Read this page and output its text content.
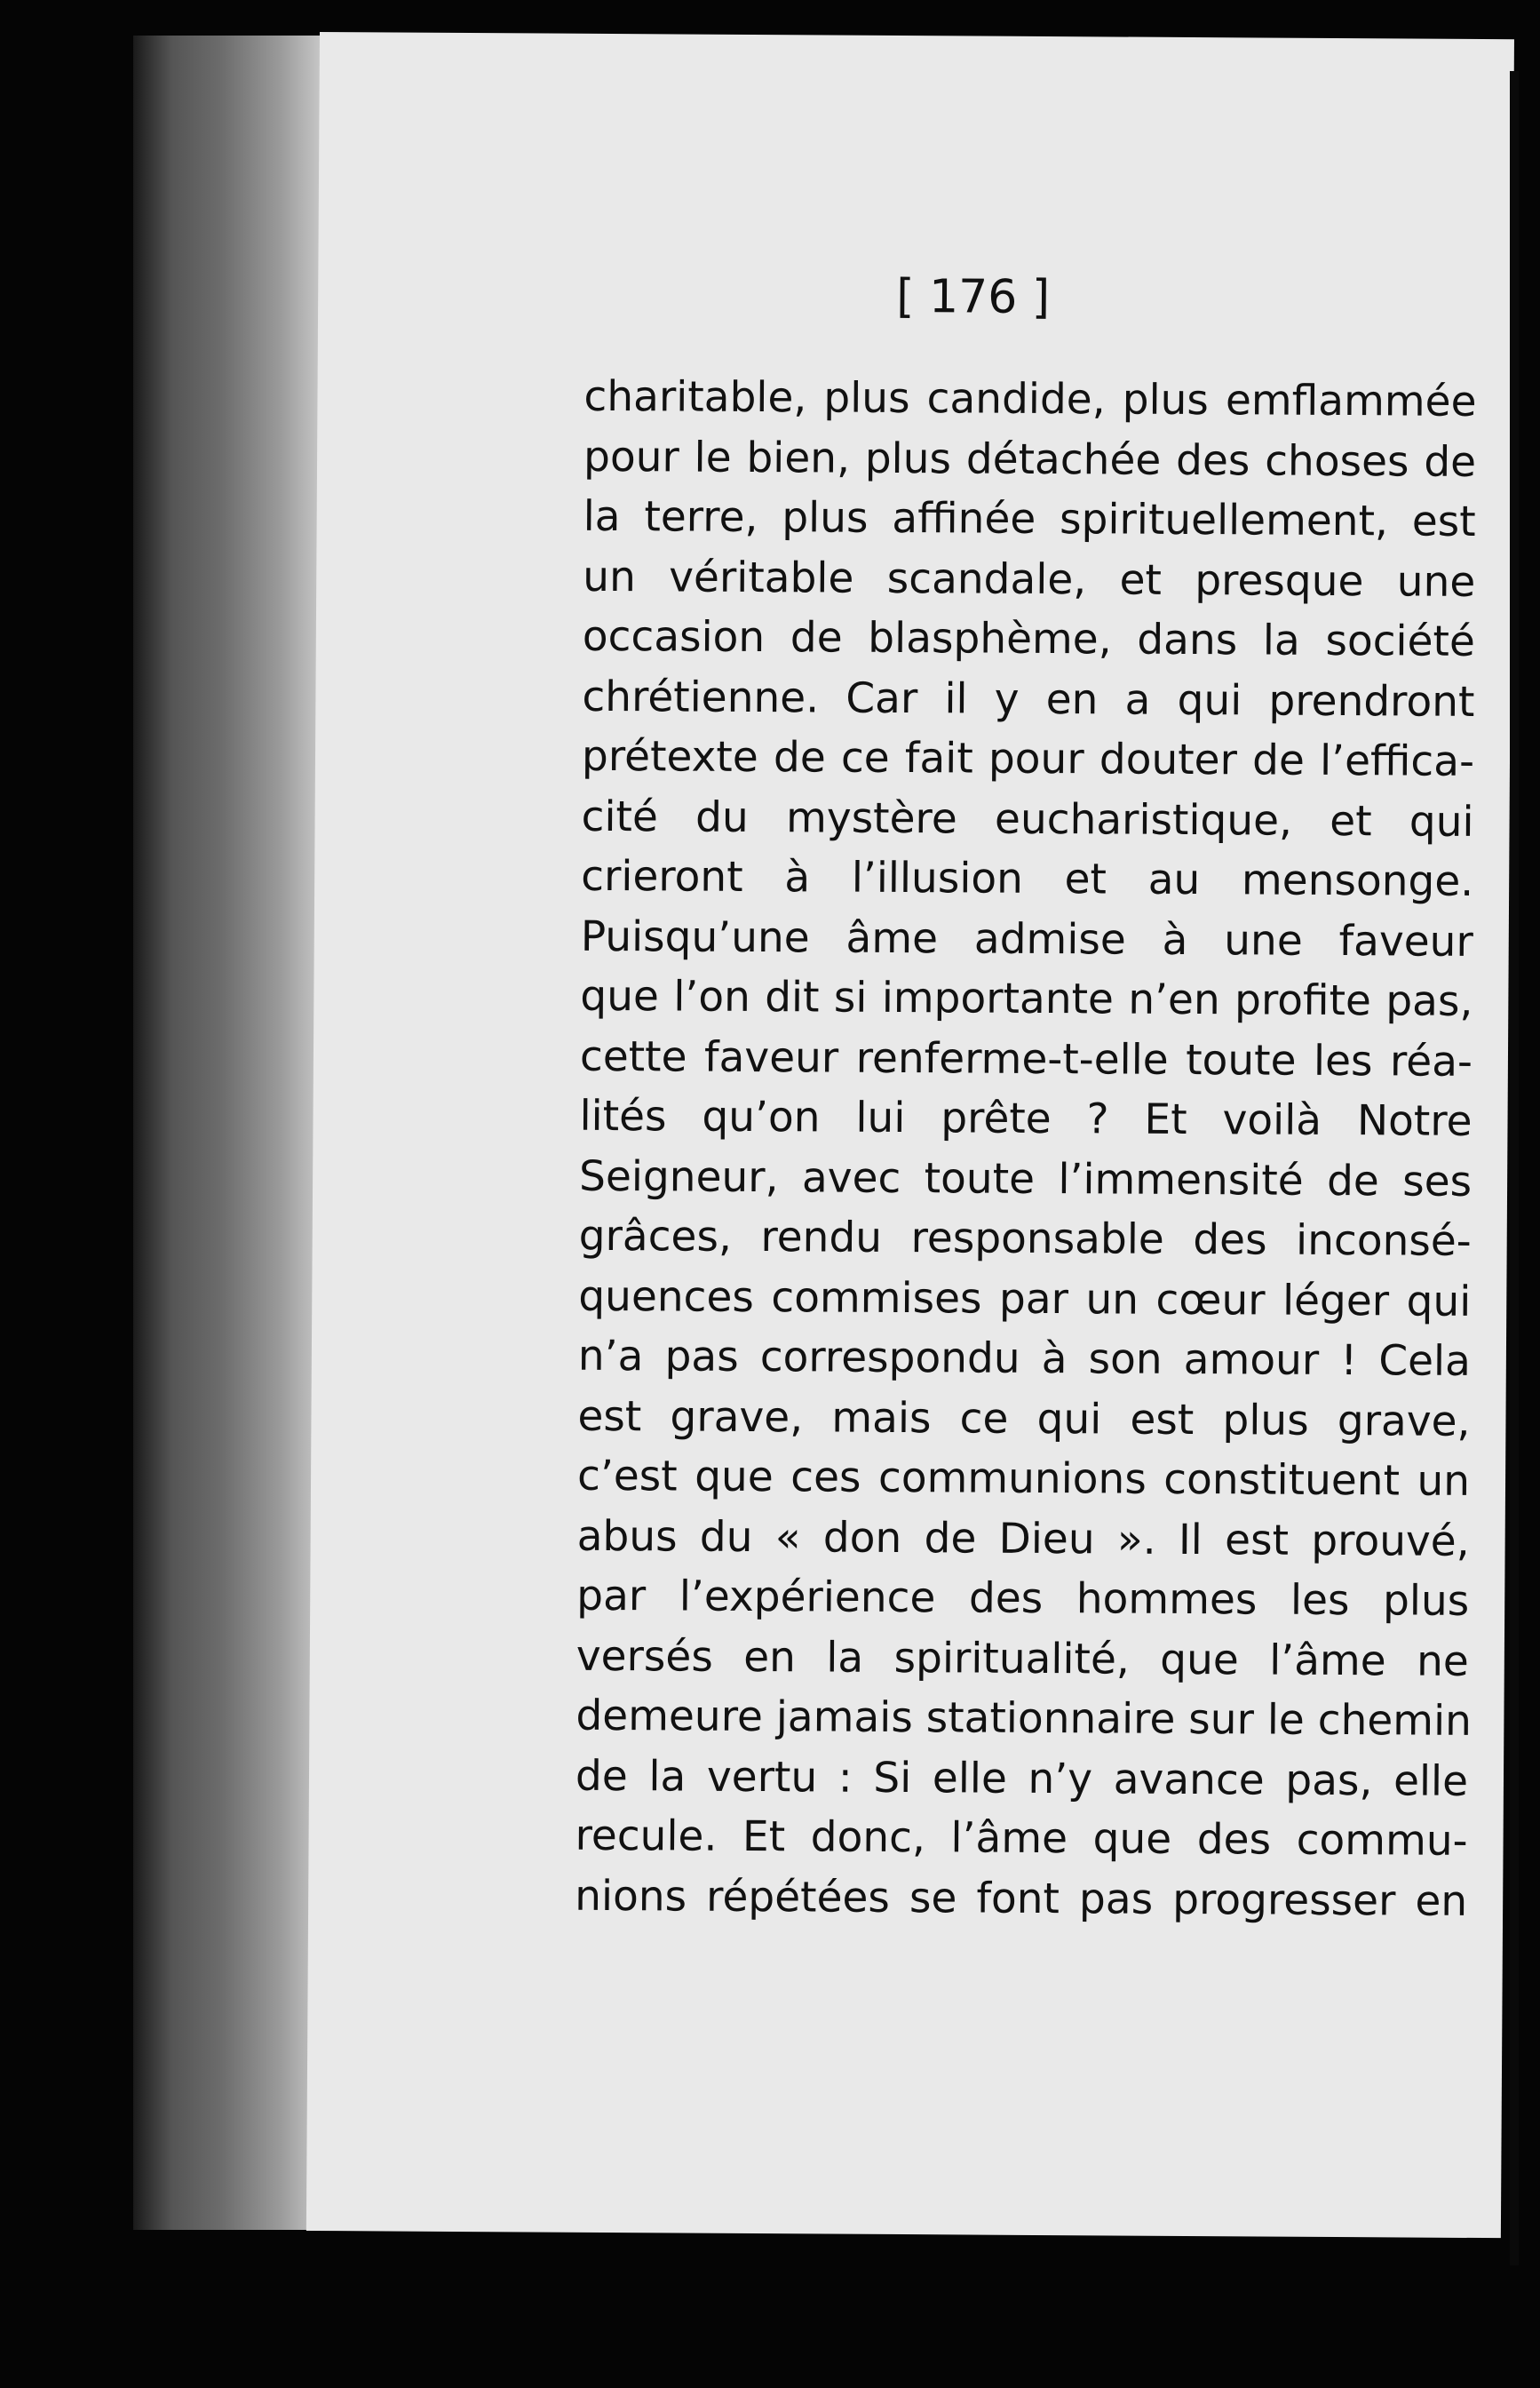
[ 176 ]
charitable, plus candide, plus emflammée
pour le bien, plus détachée des choses de
la terre, plus affinée spirituellement, est
un véritable scandale, et presque une
occasion de blasphème, dans la société
chrétienne. Car il y en a qui prendront
prétexte de ce fait pour douter de l’effica-
cité du mystère eucharistique, et qui
crieront à l’illusion et au mensonge.
Puisqu’une âme admise à une faveur
que l’on dit si importante n’en profite pas,
cette faveur renferme-t-elle toute les réa-
lités qu’on lui prête ? Et voilà Notre
Seigneur, avec toute l’immensité de ses
grâces, rendu responsable des inconsé-
quences commises par un cœur léger qui
n’a pas correspondu à son amour ! Cela
est grave, mais ce qui est plus grave,
c’est que ces communions constituent un
abus du « don de Dieu ». Il est prouvé,
par l’expérience des hommes les plus
versés en la spiritualité, que l’âme ne
demeure jamais stationnaire sur le chemin
de la vertu : Si elle n’y avance pas, elle
recule. Et donc, l’âme que des commu-
nions répétées se font pas progresser en
